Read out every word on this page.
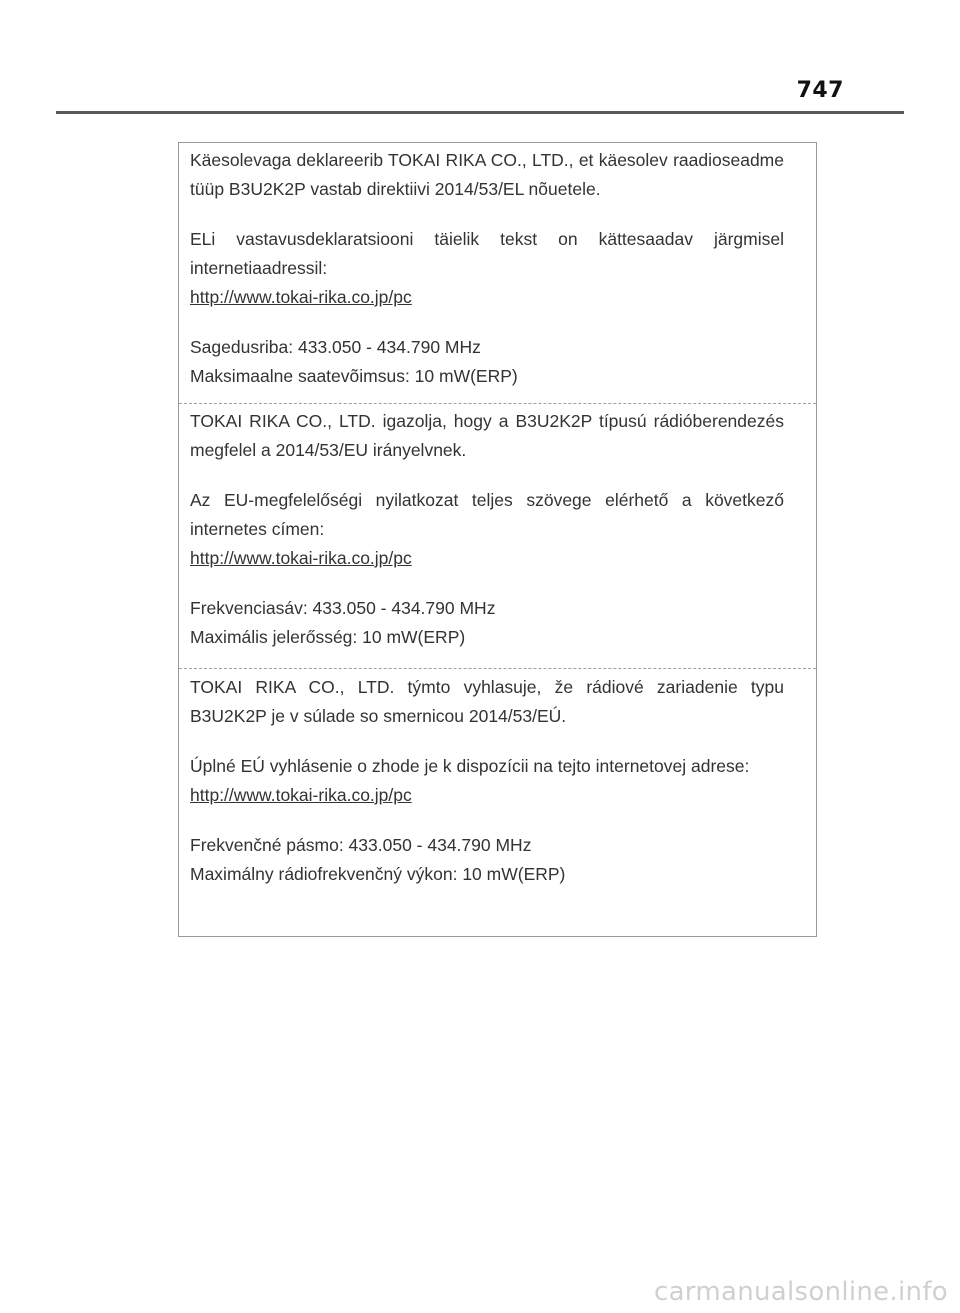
747

Käesolevaga deklareerib TOKAI RIKA CO., LTD., et käesolev raadioseadme tüüp B3U2K2P vastab direktiivi 2014/53/EL nõuetele.

ELi vastavusdeklaratsiooni täielik tekst on kättesaadav järgmisel internetiaadressil:

http://www.tokai-rika.co.jp/pc

Sagedusriba: 433.050 - 434.790 MHz
Maksimaalne saatevõimsus: 10 mW(ERP)

TOKAI RIKA CO., LTD. igazolja, hogy a B3U2K2P típusú rádióberendezés megfelel a 2014/53/EU irányelvnek.

Az EU-megfelelőségi nyilatkozat teljes szövege elérhető a következő internetes címen:

http://www.tokai-rika.co.jp/pc

Frekvenciasáv: 433.050 - 434.790 MHz
Maximális jelerősség: 10 mW(ERP)

TOKAI RIKA CO., LTD. týmto vyhlasuje, že rádiové zariadenie typu B3U2K2P je v súlade so smernicou 2014/53/EÚ.

Úplné EÚ vyhlásenie o zhode je k dispozícii na tejto internetovej adrese:

http://www.tokai-rika.co.jp/pc

Frekvenčné pásmo: 433.050 - 434.790 MHz
Maximálny rádiofrekvenčný výkon: 10 mW(ERP)

carmanualsonline.info
